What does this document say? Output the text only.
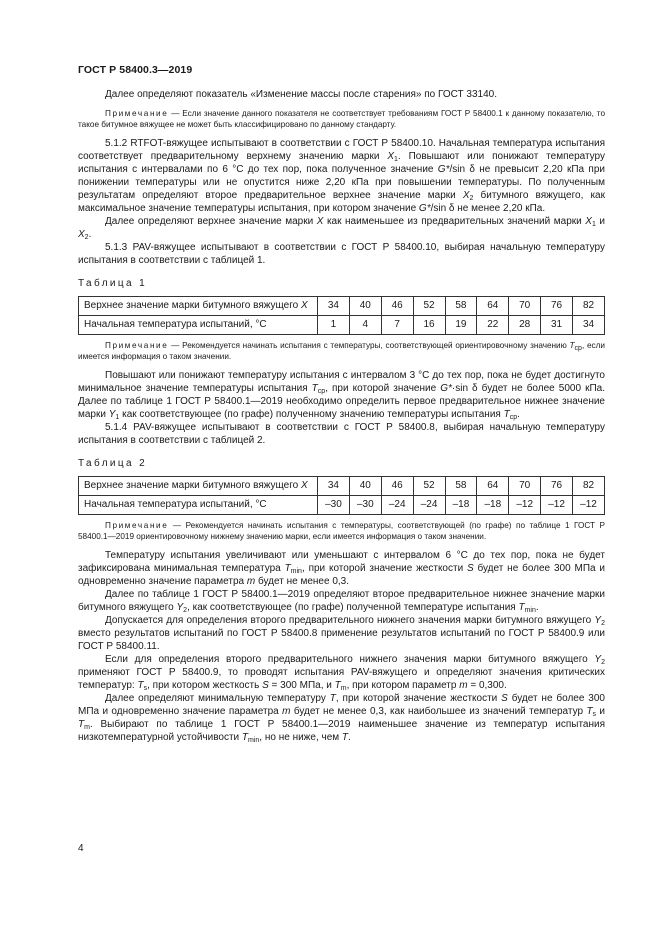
ГОСТ Р 58400.3—2019

Далее определяют показатель «Изменение массы после старения» по ГОСТ 33140.

Примечание — Если значение данного показателя не соответствует требованиям ГОСТ Р 58400.1 к данному показателю, то такое битумное вяжущее не может быть классифицировано по данному стандарту.

5.1.2 RTFOT-вяжущее испытывают в соответствии с ГОСТ Р 58400.10. Начальная температура испытания соответствует предварительному верхнему значению марки $X_1$. Повышают или понижают температуру испытания с интервалами по 6 °С до тех пор, пока полученное значение G*/sin δ не превысит 2,20 кПа при понижении температуры или не опустится ниже 2,20 кПа при повышении температуры. По полученным результатам определяют второе предварительное верхнее значение марки $X_2$ битумного вяжущего, как максимальное значение температуры испытания, при котором значение G*/sin δ не менее 2,20 кПа.

Далее определяют верхнее значение марки X как наименьшее из предварительных значений марки $X_1$ и $X_2$.

5.1.3 PAV-вяжущее испытывают в соответствии с ГОСТ Р 58400.10, выбирая начальную температуру испытания в соответствии с таблицей 1.

Таблица 1

Верхнее значение марки битумного вяжущего X	34	40	46	52	58	64	70	76	82
Начальная температура испытаний, °С	1	4	7	16	19	22	28	31	34

Примечание — Рекомендуется начинать испытания с температуры, соответствующей ориентировочному значению $T_{ср}$, если имеется информация о таком значении.

Повышают или понижают температуру испытания с интервалом 3 °С до тех пор, пока не будет достигнуто минимальное значение температуры испытания $T_{ср}$, при которой значение G*·sin δ будет не более 5000 кПа. Далее по таблице 1 ГОСТ Р 58400.1—2019 необходимо определить первое предварительное нижнее значение марки $Y_1$ как соответствующее (по графе) полученному значению температуры испытания $T_{ср}$.

5.1.4 PAV-вяжущее испытывают в соответствии с ГОСТ Р 58400.8, выбирая начальную температуру испытания в соответствии с таблицей 2.

Таблица 2

Верхнее значение марки битумного вяжущего X	34	40	46	52	58	64	70	76	82
Начальная температура испытаний, °С	–30	–30	–24	–24	–18	–18	–12	–12	–12

Примечание — Рекомендуется начинать испытания с температуры, соответствующей (по графе) по таблице 1 ГОСТ Р 58400.1—2019 ориентировочному нижнему значению марки, если имеется информация о таком значении.

Температуру испытания увеличивают или уменьшают с интервалом 6 °С до тех пор, пока не будет зафиксирована минимальная температура $T_{min}$, при которой значение жесткости S будет не более 300 МПа и одновременно значение параметра m будет не менее 0,3.

Далее по таблице 1 ГОСТ Р 58400.1—2019 определяют второе предварительное нижнее значение марки битумного вяжущего $Y_2$, как соответствующее (по графе) полученной температуре испытания $T_{min}$.

Допускается для определения второго предварительного нижнего значения марки битумного вяжущего $Y_2$ вместо результатов испытаний по ГОСТ Р 58400.8 применение результатов испытаний по ГОСТ Р 58400.9 или ГОСТ Р 58400.11.

Если для определения второго предварительного нижнего значения марки битумного вяжущего $Y_2$ применяют ГОСТ Р 58400.9, то проводят испытания PAV-вяжущего и определяют значения критических температур: $T_s$, при котором жесткость S = 300 МПа, и $T_m$, при котором параметр m = 0,300.

Далее определяют минимальную температуру T, при которой значение жесткости S будет не более 300 МПа и одновременно значение параметра m будет не менее 0,3, как наибольшее из значений температур $T_s$ и $T_m$. Выбирают по таблице 1 ГОСТ Р 58400.1—2019 наименьшее значение из температур испытания низкотемпературной устойчивости $T_{min}$, но не ниже, чем T.

4
